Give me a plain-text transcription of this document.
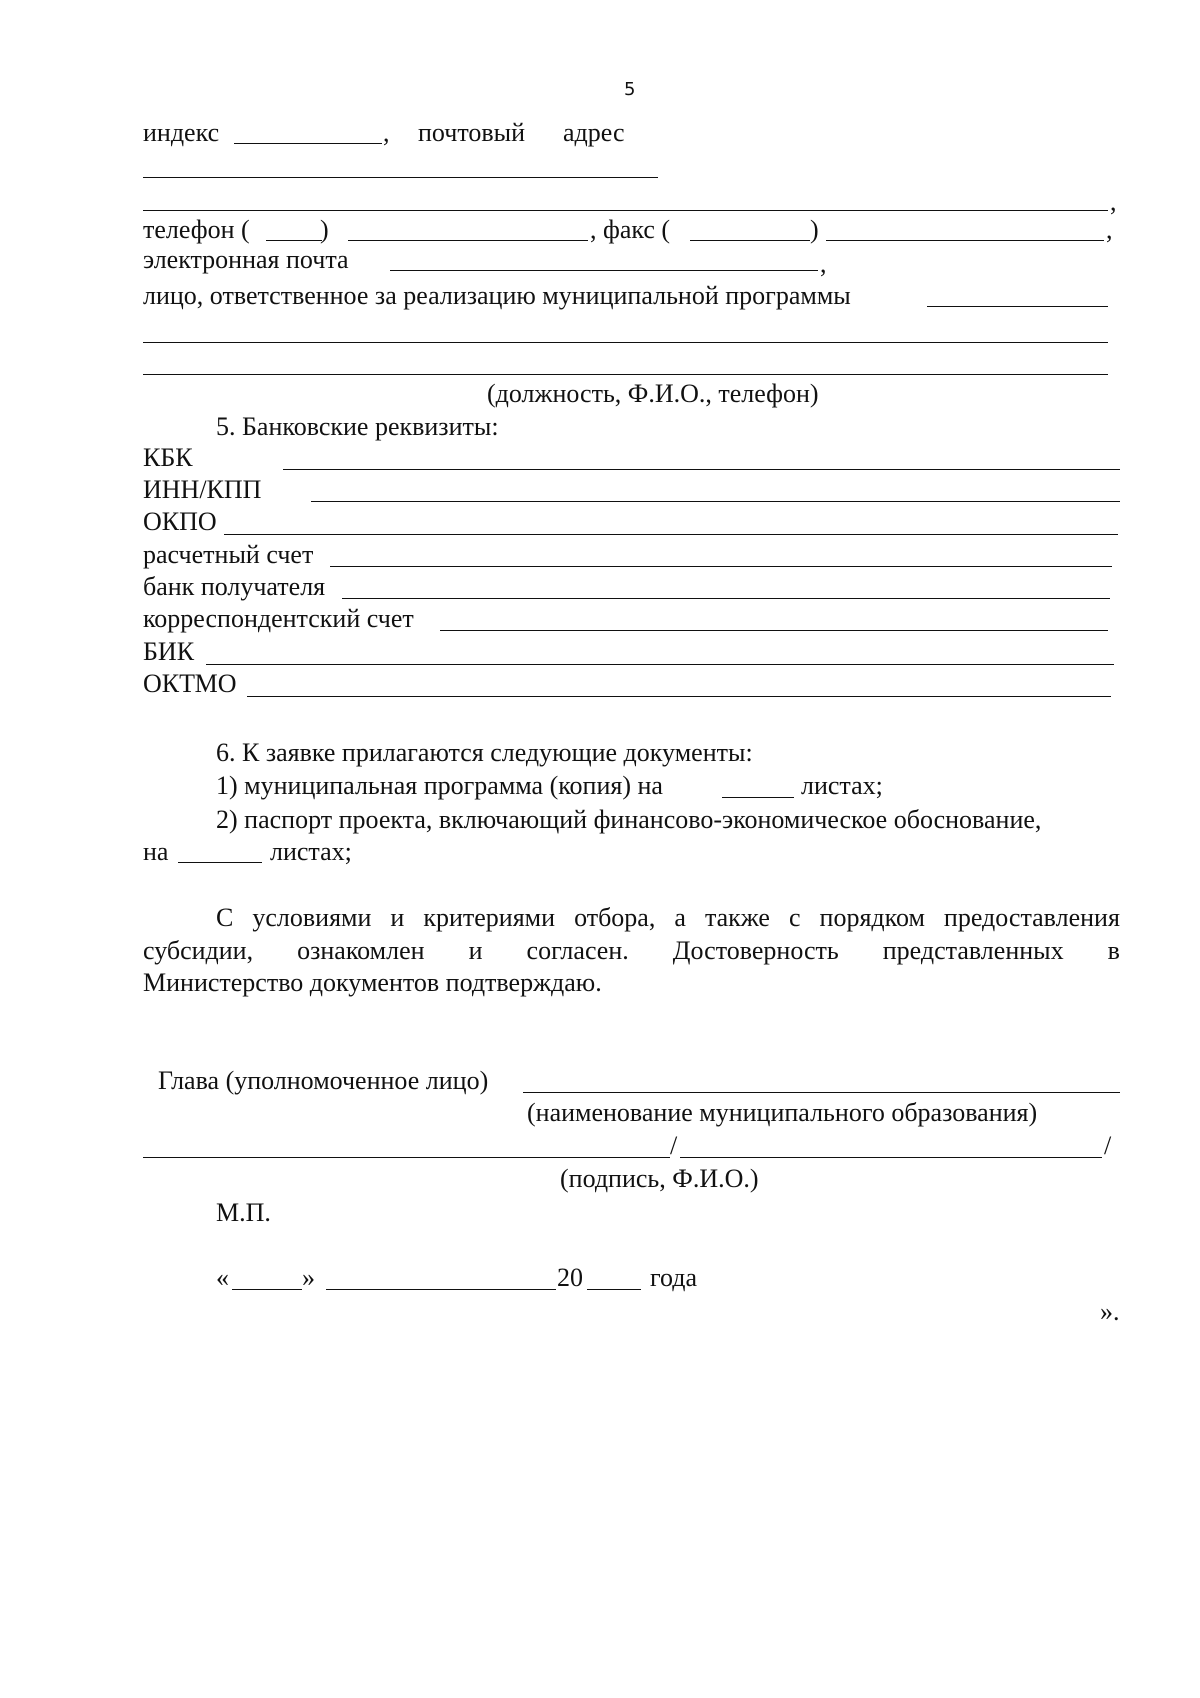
5
индекс	, почтовый адрес
,
телефон (	)	, факс (	)	,
электронная почта	,
лицо, ответственное за реализацию муниципальной программы
(должность, Ф.И.О., телефон)
5. Банковские реквизиты:
КБК
ИНН/КПП
ОКПО
расчетный счет
банк получателя
корреспондентский счет
БИК
ОКТМО
6. К заявке прилагаются следующие документы:
1) муниципальная программа (копия) на	листах;
2) паспорт проекта, включающий финансово-экономическое обоснование,
на	листах;
С условиями и критериями отбора, а также с порядком предоставления
субсидии, ознакомлен и согласен. Достоверность представленных в
Министерство документов подтверждаю.
Глава (уполномоченное лицо)
(наименование муниципального образования)
/	/
(подпись, Ф.И.О.)
М.П.
«	»	20	года
».
